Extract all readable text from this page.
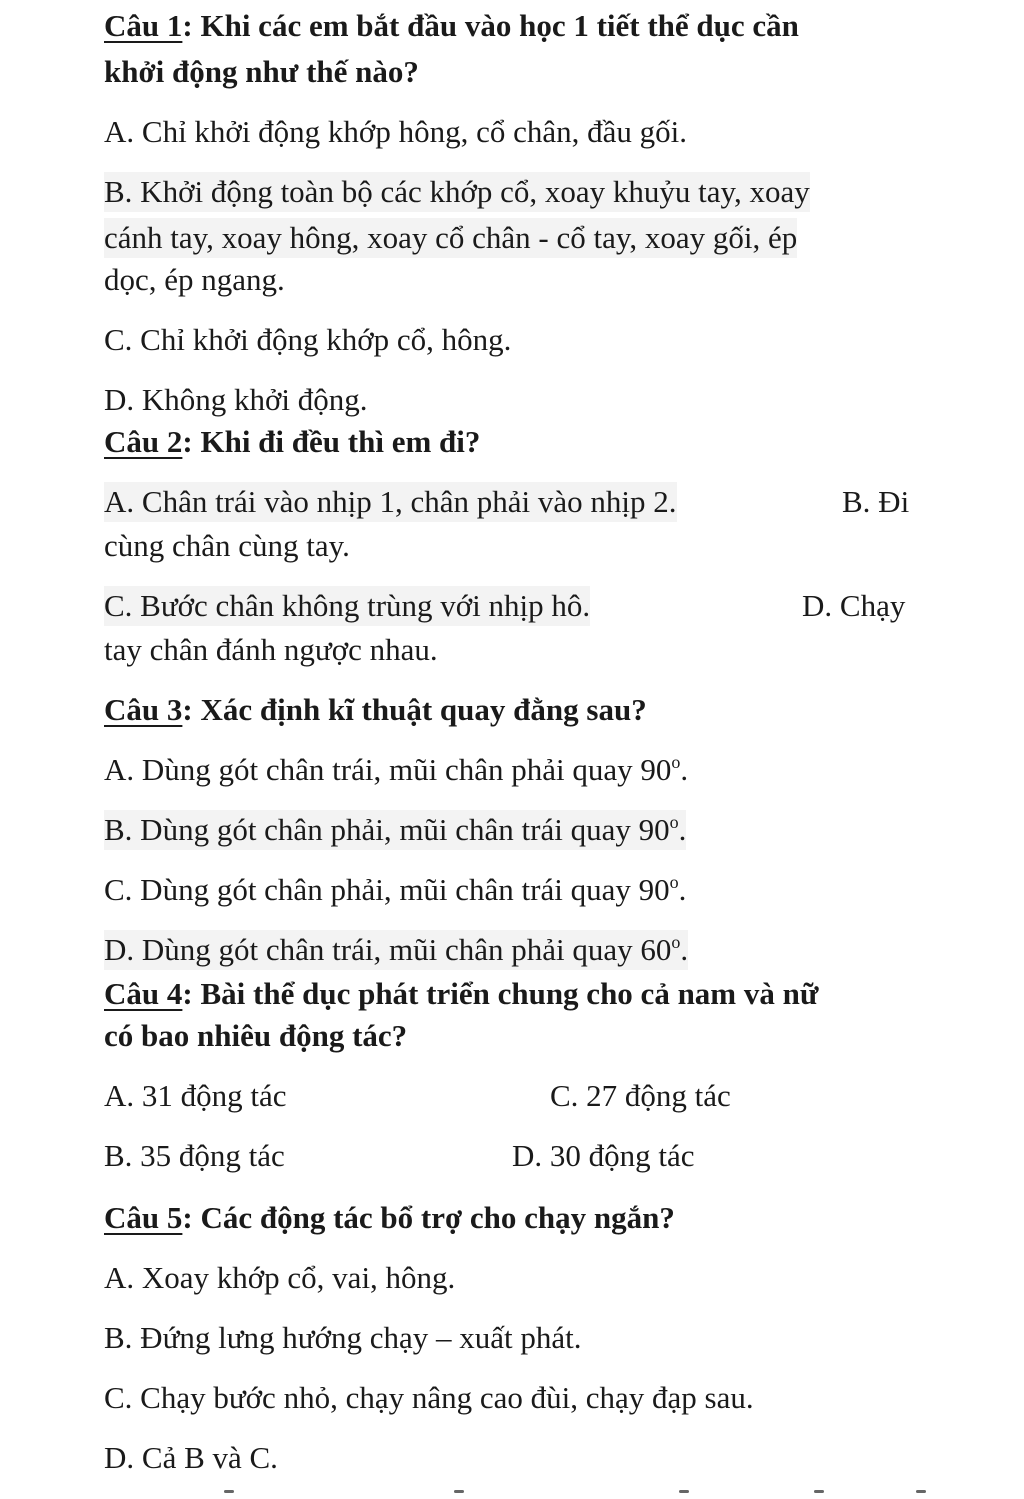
Câu 1: Khi các em bắt đầu vào học 1 tiết thể dục cần
khởi động như thế nào?
A. Chỉ khởi động khớp hông, cổ chân, đầu gối.
B. Khởi động toàn bộ các khớp cổ, xoay khuỷu tay, xoay
cánh tay, xoay hông, xoay cổ chân - cổ tay, xoay gối, ép
dọc, ép ngang.
C. Chỉ khởi động khớp cổ, hông.
D. Không khởi động.
Câu 2: Khi đi đều thì em đi?
A. Chân trái vào nhịp 1, chân phải vào nhịp 2.	B. Đi
cùng chân cùng tay.
C. Bước chân không trùng với nhịp hô.	D. Chạy
tay chân đánh ngược nhau.
Câu 3: Xác định kĩ thuật quay đằng sau?
A. Dùng gót chân trái, mũi chân phải quay 90$^o$.
B. Dùng gót chân phải, mũi chân trái quay 90$^o$.
C. Dùng gót chân phải, mũi chân trái quay 90$^o$.
D. Dùng gót chân trái, mũi chân phải quay 60$^o$.
Câu 4: Bài thể dục phát triển chung cho cả nam và nữ
có bao nhiêu động tác?
A. 31 động tác	C. 27 động tác
B. 35 động tác	D. 30 động tác
Câu 5: Các động tác bổ trợ cho chạy ngắn?
A. Xoay khớp cổ, vai, hông.
B. Đứng lưng hướng chạy – xuất phát.
C. Chạy bước nhỏ, chạy nâng cao đùi, chạy đạp sau.
D. Cả B và C.
